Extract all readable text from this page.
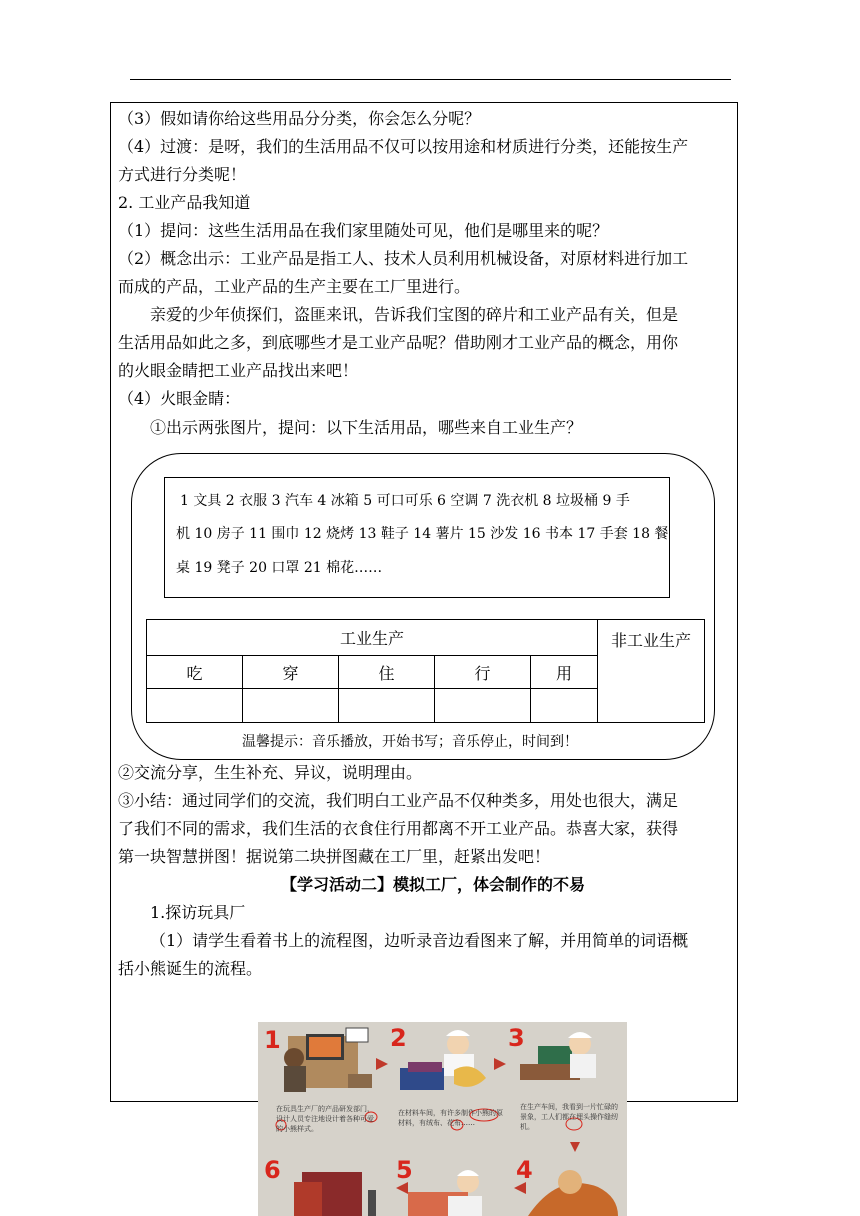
（3）假如请你给这些用品分分类，你会怎么分呢？
（4）过渡：是呀，我们的生活用品不仅可以按用途和材质进行分类，还能按生产
方式进行分类呢！
2. 工业产品我知道
（1）提问：这些生活用品在我们家里随处可见，他们是哪里来的呢？
（2）概念出示：工业产品是指工人、技术人员利用机械设备，对原材料进行加工
而成的产品，工业产品的生产主要在工厂里进行。
亲爱的少年侦探们，盗匪来讯，告诉我们宝图的碎片和工业产品有关，但是
生活用品如此之多，到底哪些才是工业产品呢？借助刚才工业产品的概念，用你
的火眼金睛把工业产品找出来吧！
（4）火眼金睛：
①出示两张图片，提问：以下生活用品，哪些来自工业生产？
1 文具 2 衣服 3 汽车 4 冰箱 5 可口可乐 6 空调 7 洗衣机 8 垃圾桶 9 手
机 10 房子 11 围巾 12 烧烤 13 鞋子 14 薯片 15 沙发 16 书本 17 手套 18 餐
桌 19 凳子 20 口罩 21 棉花……
工业生产					非工业生产
吃	穿	住	行	用	

温馨提示：音乐播放，开始书写；音乐停止，时间到！
②交流分享，生生补充、异议，说明理由。
③小结：通过同学们的交流，我们明白工业产品不仅种类多，用处也很大，满足
了我们不同的需求，我们生活的衣食住行用都离不开工业产品。恭喜大家，获得
第一块智慧拼图！据说第二块拼图藏在工厂里，赶紧出发吧！
【学习活动二】模拟工厂，体会制作的不易
1.探访玩具厂
（1）请学生看着书上的流程图，边听录音边看图来了解，并用简单的词语概
括小熊诞生的流程。
1	2	3
4
5
6
在玩具生产厂的产品研发部门，设计人员专注地设计着各种可爱的小熊样式。
在材料车间，有许多制作小熊的原材料，有绒布、花布……
在生产车间，我看到一片忙碌的景象，工人们都在埋头操作缝纫机。
